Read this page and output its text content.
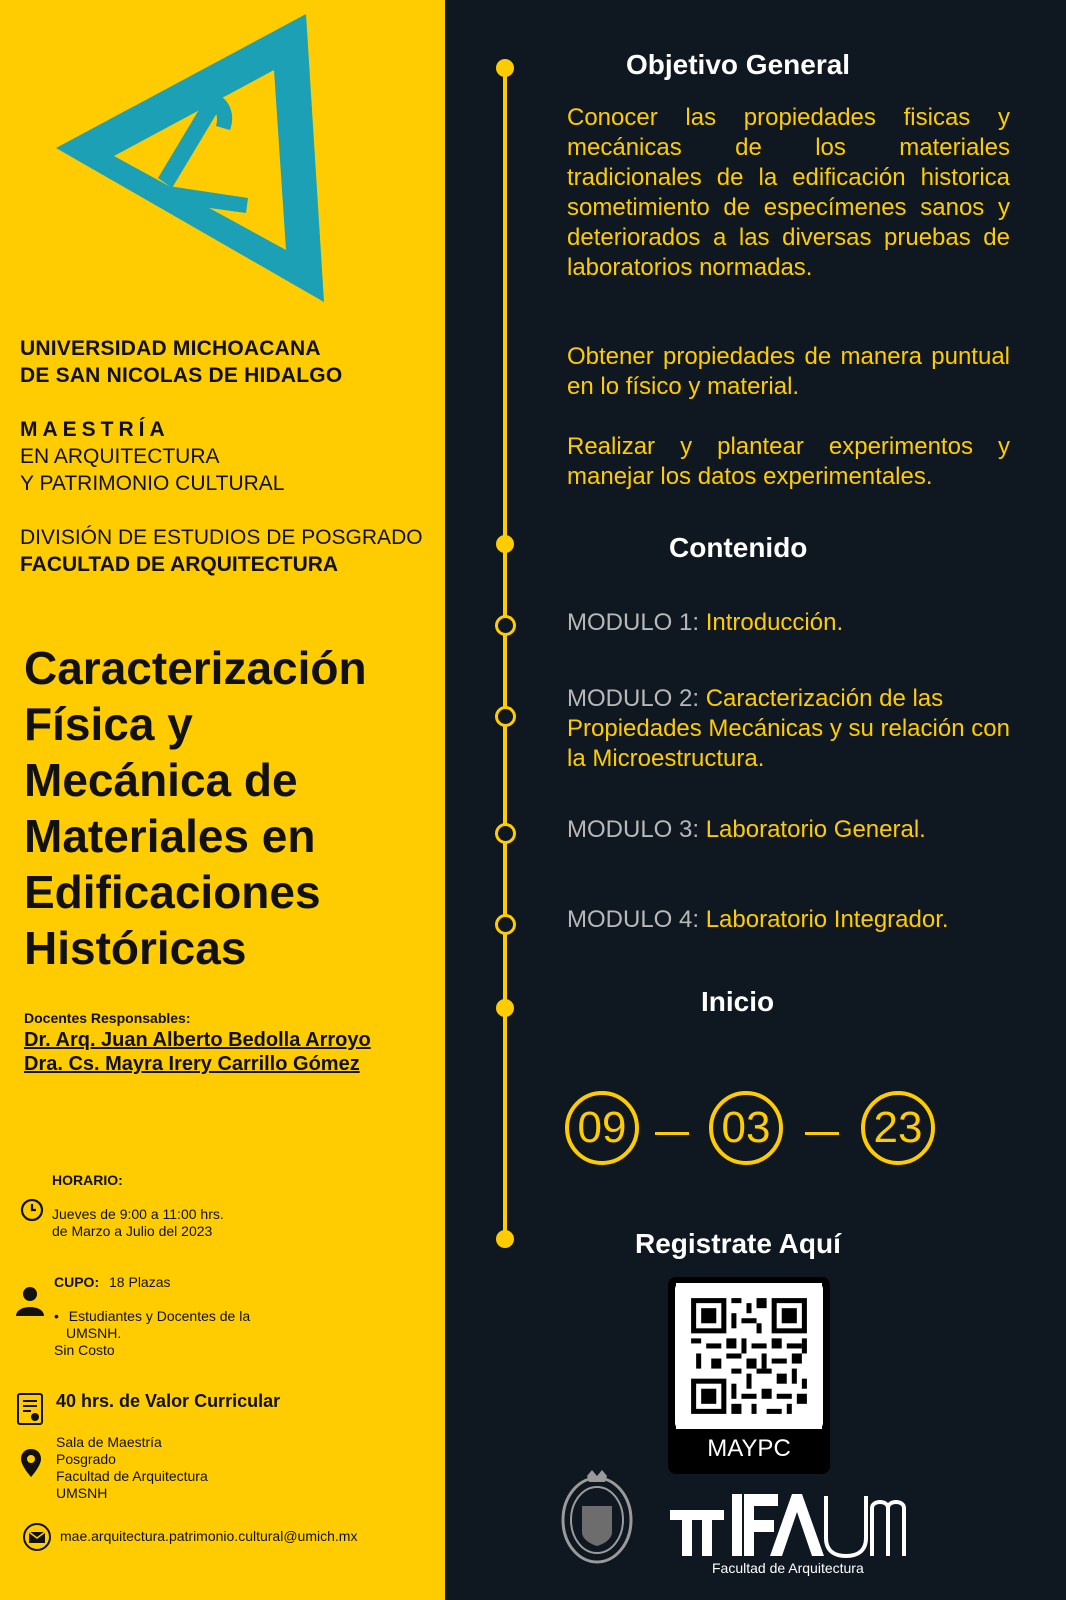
UNIVERSIDAD MICHOACANA
DE SAN NICOLAS DE HIDALGO
MAESTRÍA
EN ARQUITECTURA
Y PATRIMONIO CULTURAL
DIVISIÓN DE ESTUDIOS DE POSGRADO
FACULTAD DE ARQUITECTURA
Caracterización
Física y
Mecánica de
Materiales en
Edificaciones
Históricas
Docentes Responsables:
Dr. Arq. Juan Alberto Bedolla Arroyo
Dra. Cs. Mayra Irery Carrillo Gómez
HORARIO:
Jueves de 9:00 a 11:00 hrs.
de Marzo a Julio del 2023
CUPO: 18 Plazas
• Estudiantes y Docentes de la
UMSNH.
Sin Costo
40 hrs. de Valor Curricular
Sala de Maestría
Posgrado
Facultad de Arquitectura
UMSNH
mae.arquitectura.patrimonio.cultural@umich.mx
Objetivo General
Conocer las propiedades fisicas y mecánicas de los materiales tradicionales de la edificación historica sometimiento de especímenes sanos y deteriorados a las diversas pruebas de laboratorios normadas.
Obtener propiedades de manera puntual en lo físico y material.
Realizar y plantear experimentos y manejar los datos experimentales.
Contenido
MODULO 1: Introducción.
MODULO 2: Caracterización de las Propiedades Mecánicas y su relación con la Microestructura.
MODULO 3: Laboratorio General.
MODULO 4: Laboratorio Integrador.
Inicio
09 03 23
Registrate Aquí
MAYPC
Facultad de Arquitectura
